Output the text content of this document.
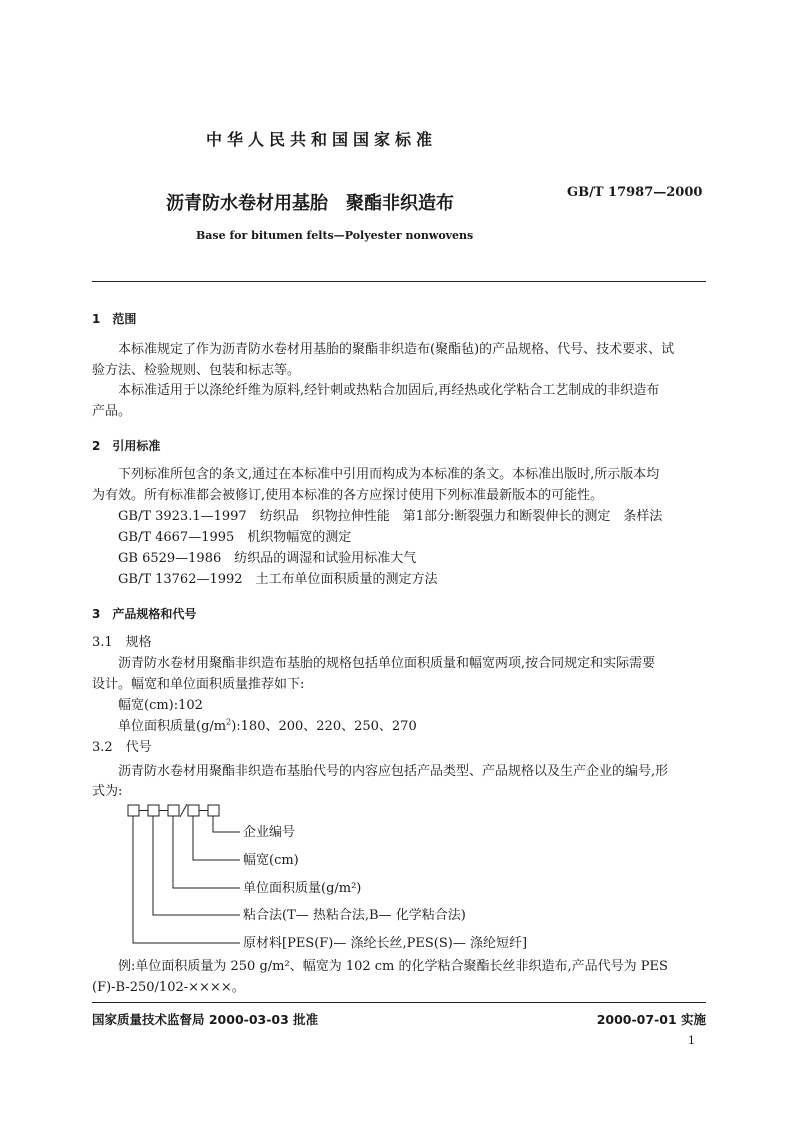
中华人民共和国国家标准
沥青防水卷材用基胎　聚酯非织造布
GB/T 17987—2000
Base for bitumen felts—Polyester nonwovens
1　范围
本标准规定了作为沥青防水卷材用基胎的聚酯非织造布(聚酯毡)的产品规格、代号、技术要求、试
验方法、检验规则、包装和标志等。
本标准适用于以涤纶纤维为原料,经针刺或热粘合加固后,再经热或化学粘合工艺制成的非织造布
产品。
2　引用标准
下列标准所包含的条文,通过在本标准中引用而构成为本标准的条文。本标准出版时,所示版本均
为有效。所有标准都会被修订,使用本标准的各方应探讨使用下列标准最新版本的可能性。
GB/T 3923.1—1997　纺织品　织物拉伸性能　第1部分:断裂强力和断裂伸长的测定　条样法
GB/T 4667—1995　机织物幅宽的测定
GB 6529—1986　纺织品的调湿和试验用标准大气
GB/T 13762—1992　土工布单位面积质量的测定方法
3　产品规格和代号
3.1　规格
沥青防水卷材用聚酯非织造布基胎的规格包括单位面积质量和幅宽两项,按合同规定和实际需要
设计。幅宽和单位面积质量推荐如下:
幅宽(cm):102
单位面积质量$(g/m^2):180$、200、220、250、270
3.2　代号
沥青防水卷材用聚酯非织造布基胎代号的内容应包括产品类型、产品规格以及生产企业的编号,形
式为:
企业编号
幅宽(cm)
单位面积质量(g/m²)
粘合法(T— 热粘合法,B— 化学粘合法)
原材料[PES(F)— 涤纶长丝,PES(S)— 涤纶短纤]
例:单位面积质量为 250 g/m²、幅宽为 102 cm 的化学粘合聚酯长丝非织造布,产品代号为 PES
(F)-B-250/102-××××。
国家质量技术监督局 2000-03-03 批准	2000-07-01 实施
1
